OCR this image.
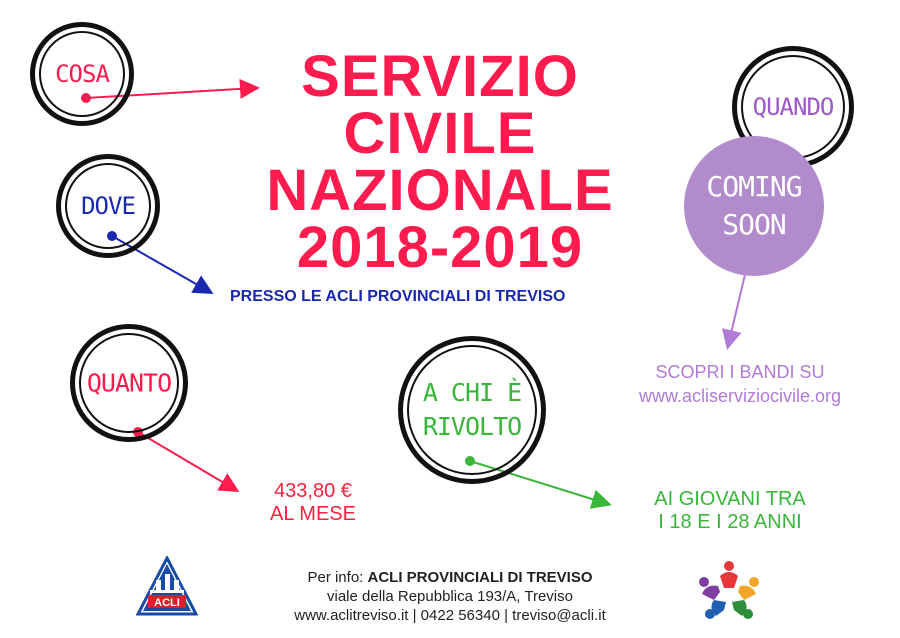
COSA
DOVE
QUANDO
QUANTO	A CHI È
RIVOLTO
SERVIZIO
CIVILE
NAZIONALE
2018-2019
PRESSO LE ACLI PROVINCIALI DI TREVISO
COMING
SOON
SCOPRI I BANDI SU
www.acliserviziocivile.org
433,80 €
AL MESE
AI GIOVANI TRA
I 18 E I 28 ANNI
ACLI
Per info: ACLI PROVINCIALI DI TREVISO
viale della Repubblica 193/A, Treviso
www.aclitreviso.it | 0422 56340 | treviso@acli.it
